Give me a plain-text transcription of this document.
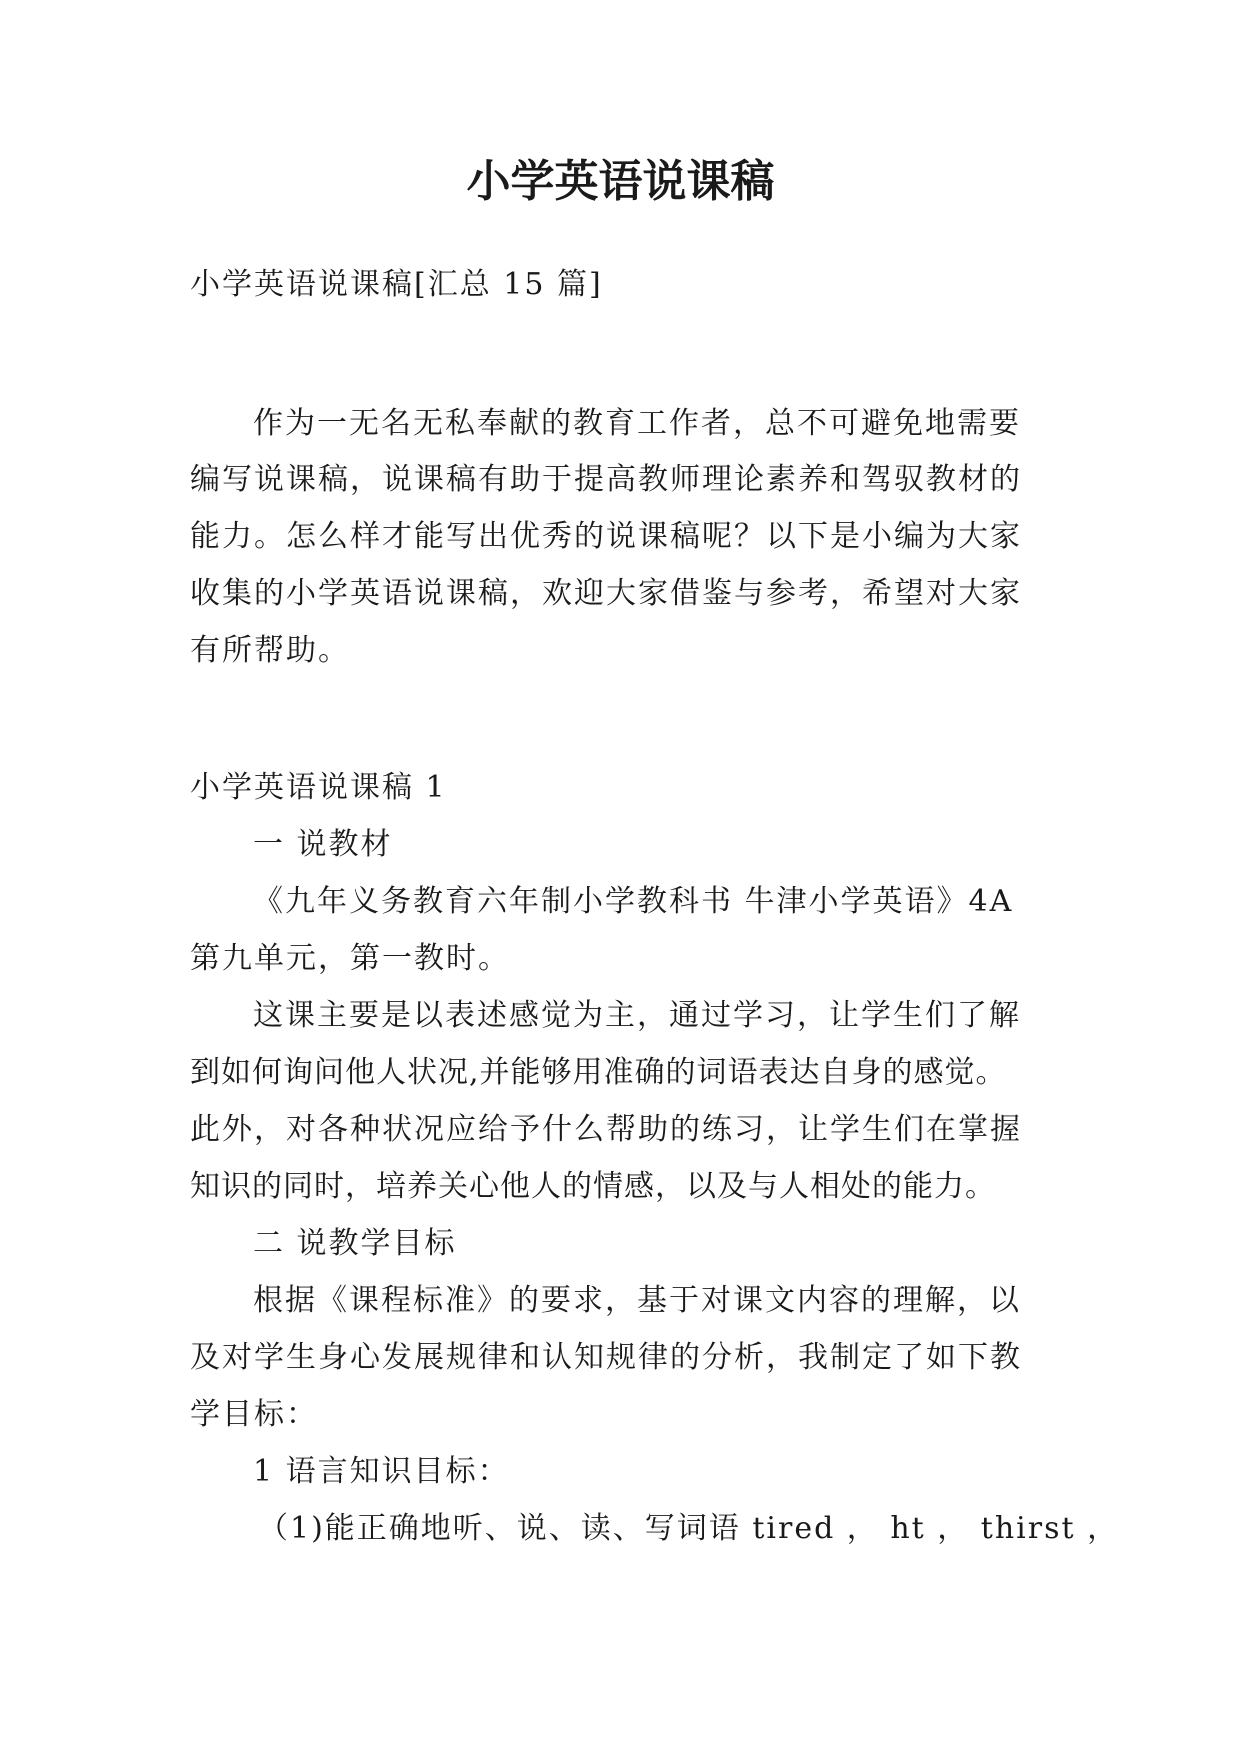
小学英语说课稿
小学英语说课稿[汇总 15 篇]
作为一无名无私奉献的教育工作者，总不可避免地需要
编写说课稿，说课稿有助于提高教师理论素养和驾驭教材的
能力。怎么样才能写出优秀的说课稿呢？以下是小编为大家
收集的小学英语说课稿，欢迎大家借鉴与参考，希望对大家
有所帮助。
小学英语说课稿 1
一 说教材
《九年义务教育六年制小学教科书 牛津小学英语》4A
第九单元，第一教时。
这课主要是以表述感觉为主，通过学习，让学生们了解
到如何询问他人状况,并能够用准确的词语表达自身的感觉。
此外，对各种状况应给予什么帮助的练习，让学生们在掌握
知识的同时，培养关心他人的情感，以及与人相处的能力。
二 说教学目标
根据《课程标准》的要求，基于对课文内容的理解，以
及对学生身心发展规律和认知规律的分析，我制定了如下教
学目标：
1 语言知识目标：
（1)能正确地听、说、读、写词语 tired ， ht ， thirst ，
